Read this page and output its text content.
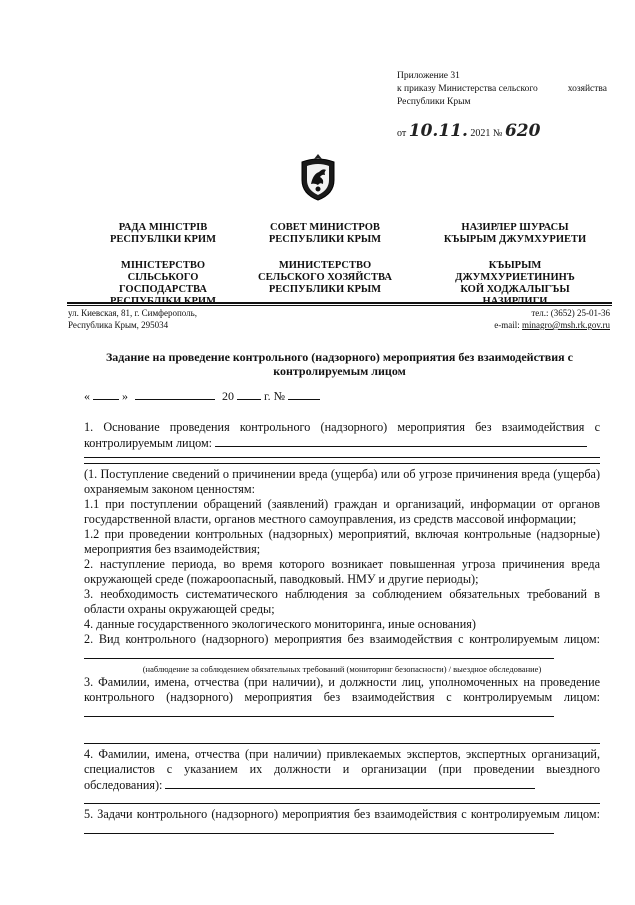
Приложение 31
к приказу Министерства сельского	хозяйства
Республики Крым
от 10.11. 2021 № 620
РАДА МІНІСТРІВ
РЕСПУБЛІКИ КРИМ
МІНІСТЕРСТВО
СІЛЬСЬКОГО
ГОСПОДАРСТВА
СОВЕТ МИНИСТРОВ
РЕСПУБЛИКИ КРЫМ
МИНИСТЕРСТВО
СЕЛЬСКОГО ХОЗЯЙСТВА
РЕСПУБЛИКИ КРЫМ
НАЗИРЛЕР ШУРАСЫ
КЪЫРЫМ ДЖУМХУРИЕТИ
КЪЫРЫМ ДЖУМХУРИЕТИНИНЪ
КОЙ ХОДЖАЛЫГЪЫ
ул. Киевская, 81, г. Симферополь,
Республика Крым, 295034
тел.: (3652) 25-01-36
e-mail: minagro@msh.rk.gov.ru
Задание на проведение контрольного (надзорного) мероприятия без взаимодействия с контролируемым лицом
«	»	20	г. №
1. Основание проведения контрольного (надзорного) мероприятия без взаимодействия с контролируемым лицом:

(1. Поступление сведений о причинении вреда (ущерба) или об угрозе причинения вреда (ущерба) охраняемым законом ценностям:

1.1 при поступлении обращений (заявлений) граждан и организаций, информации от органов государственной власти, органов местного самоуправления, из средств массовой информации;

1.2 при проведении контрольных (надзорных) мероприятий, включая контрольные (надзорные) мероприятия без взаимодействия;

2. наступление периода, во время которого возникает повышенная угроза причинения вреда окружающей среде (пожароопасный, паводковый. НМУ и другие периоды);

3. необходимость систематического наблюдения за соблюдением обязательных требований в области охраны окружающей среды;

4. данные государственного экологического мониторинга, иные основания)

2. Вид контрольного (надзорного) мероприятия без взаимодействия с контролируемым лицом:

(наблюдение за соблюдением обязательных требований (мониторинг безопасности) / выездное обследование)

3. Фамилии, имена, отчества (при наличии), и должности лиц, уполномоченных на проведение контрольного (надзорного) мероприятия без взаимодействия с контролируемым лицом:

4. Фамилии, имена, отчества (при наличии) привлекаемых экспертов, экспертных организаций, специалистов с указанием их должности и организации (при проведении выездного обследования):
5. Задачи контрольного (надзорного) мероприятия без взаимодействия с контролируемым лицом:
